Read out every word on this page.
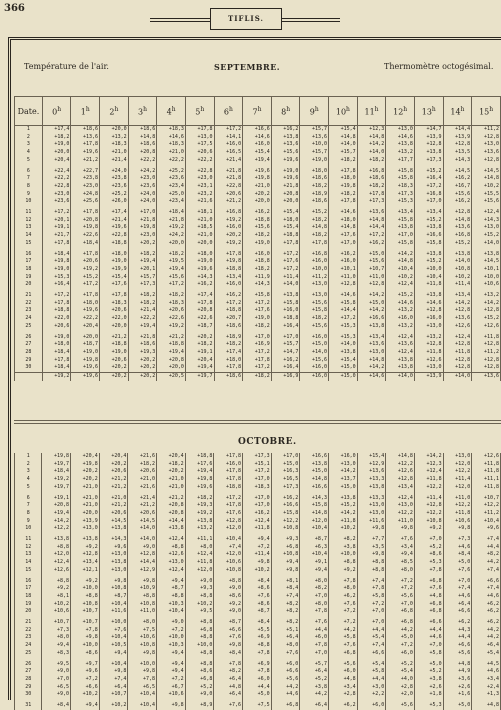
366
TIFLIS.
Température de l'air.	SEPTEMBRE.	Thermomètre octogésimal.
Date.	0$^h$	1$^h$	2$^h$	3$^h$	4$^h$	5$^h$	6$^h$	7$^h$	8$^h$	9$^h$	10$^h$	11$^h$	12$^h$	13$^h$	14$^h$	15$^h$
1	+17,4	+18,6	+20,0	+18,6	+18,3	+17,8	+17,2	+16,6	+16,2	+15,7	+15,4	+12,3	+13,0	+14,7	+14,4	+11,2
2	+18,2	+13,6	+13,2	+14,8	+14,6	+13,0	+14,1	+14,6	+13,8	+13,6	+14,8	+14,8	+14,6	+13,9	+13,9	+12,8
3	+19,0	+17,8	+18,3	+18,6	+18,3	+17,5	+16,0	+16,0	+13,6	+10,0	+14,0	+14,2	+13,8	+12,8	+12,8	+13,0
4	+20,0	+19,6	+21,0	+20,8	+21,0	+20,6	+16,5	+15,4	+15,6	+15,7	+15,7	+14,0	+13,2	+13,8	+13,5	+13,6
5	+20,4	+21,2	+21,4	+22,2	+22,2	+22,2	+21,4	+19,4	+19,6	+19,0	+18,2	+18,2	+17,7	+17,3	+14,3	+12,8
6	+22,4	+22,7	+24,0	+24,2	+25,2	+22,8	+21,8	+19,6	+19,0	+18,0	+17,8	+16,8	+15,8	+15,2	+14,5	+14,5
7	+22,2	+23,8	+23,8	+23,0	+23,6	+23,0	+21,8	+19,8	+19,6	+18,6	+18,0	+18,6	+15,8	+16,4	+16,2	+14,8
8	+22,8	+23,0	+23,6	+23,6	+23,4	+23,1	+22,8	+21,0	+21,8	+18,2	+19,8	+18,2	+18,3	+17,2	+16,7	+10,2
9	+23,0	+24,8	+25,2	+24,0	+25,0	+23,2	+20,6	+20,2	+20,8	+18,9	+18,2	+17,8	+17,3	+16,8	+15,6	+15,5
10	+23,6	+25,6	+26,0	+24,0	+23,4	+21,6	+21,2	+20,0	+20,0	+18,6	+17,8	+17,3	+15,3	+17,0	+16,2	+15,6
11	+17,2	+17,8	+17,4	+17,0	+18,4	+18,1	+16,8	+16,2	+15,4	+15,2	+14,6	+13,6	+13,4	+13,4	+12,8	+12,4
12	+20,1	+20,8	+21,4	+21,8	+21,8	+21,0	+19,2	+18,8	+18,0	+18,2	+18,0	+14,8	+15,8	+15,2	+14,8	+14,3
13	+19,1	+19,8	+19,6	+19,8	+19,2	+18,5	+16,0	+15,6	+15,4	+14,8	+14,8	+14,4	+13,8	+13,8	+13,6	+13,0
14	+21,7	+22,6	+22,8	+23,0	+24,2	+21,0	+20,2	+18,2	+18,8	+18,2	+17,6	+17,2	+17,0	+16,6	+16,8	+15,2
15	+17,8	+18,4	+18,8	+20,2	+20,0	+20,0	+19,2	+19,0	+17,8	+17,8	+17,0	+16,2	+15,8	+15,8	+15,2	+14,0
16	+18,4	+17,8	+18,0	+18,2	+18,2	+18,0	+17,8	+16,0	+17,2	+16,8	+16,2	+15,0	+14,2	+13,8	+13,8	+13,8
17	+19,8	+20,6	+19,0	+19,4	+19,5	+19,0	+19,8	+18,8	+17,6	+16,0	+16,0	+15,6	+14,8	+15,2	+14,0	+14,5
18	+19,0	+19,2	+19,9	+20,1	+19,4	+19,6	+18,8	+18,2	+17,2	+10,0	+10,1	+10,7	+10,4	+10,0	+10,8	+10,1
19	+15,3	+15,2	+15,4	+15,7	+15,6	+14,3	+13,4	+11,9	+11,4	+11,2	+11,0	+11,0	+10,2	+10,4	+10,2	+10,0
20	+16,4	+17,2	+17,6	+17,3	+17,2	+16,2	+16,0	+14,3	+14,0	+13,0	+12,8	+12,8	+12,4	+11,8	+11,4	+10,6
21	+17,2	+17,8	+17,8	+18,2	+18,2	+17,4	+16,2	+15,8	+13,8	+13,0	+14,6	+14,2	+15,2	+13,8	+13,4	+13,2
22	+17,8	+18,0	+18,3	+18,2	+18,3	+17,8	+17,2	+17,2	+15,8	+15,6	+15,8	+15,0	+14,6	+14,6	+14,2	+14,2
23	+18,8	+19,6	+20,6	+21,4	+20,6	+20,8	+18,8	+17,6	+16,0	+15,8	+14,4	+14,2	+13,2	+12,8	+12,8	+12,8
24	+22,0	+22,2	+22,0	+22,2	+22,6	+22,6	+20,7	+19,0	+18,8	+18,2	+17,2	+16,6	+16,0	+16,0	+13,6	+15,2
25	+20,6	+20,4	+20,0	+19,4	+19,2	+18,7	+18,6	+18,2	+16,4	+15,6	+15,3	+13,8	+13,2	+13,0	+12,6	+12,6
26	+19,0	+20,0	+21,2	+21,8	+21,2	+20,2	+18,9	+17,0	+17,0	+16,0	+15,3	+13,4	+12,4	+13,2	+12,4	+11,8
27	+18,0	+18,7	+18,8	+18,6	+18,8	+18,2	+18,2	+16,9	+15,7	+15,0	+14,0	+13,6	+13,6	+12,8	+12,8	+12,8
28	+18,4	+19,0	+19,0	+19,3	+19,4	+19,1	+17,4	+17,2	+14,7	+14,0	+13,8	+13,0	+12,4	+11,8	+11,8	+11,2
29	+17,8	+19,8	+20,6	+20,2	+20,8	+20,4	+18,0	+17,8	+16,2	+15,6	+15,4	+14,8	+13,8	+12,6	+12,8	+12,8
30	+18,4	+19,6	+20,2	+20,2	+20,0	+19,4	+17,8	+17,2	+16,4	+16,0	+15,0	+14,2	+13,8	+13,0	+12,8	+12,8
	+19,2	+19,6	+20,2	+20,2	+20,5	+19,7	+18,6	+18,2	+16,9	+16,0	+15,0	+14,6	+14,0	+13,9	+14,0	+13,6
OCTOBRE.
1	+19,8	+20,4	+20,4	+21,6	+20,4	+18,8	+17,8	+17,3	+17,0	+16,6	+16,0	+15,4	+14,8	+14,2	+13,0	+12,6
2	+19,7	+19,8	+20,2	+18,2	+18,2	+17,6	+16,0	+15,1	+15,0	+13,8	+13,0	+12,9	+12,2	+12,3	+12,0	+11,8
3	+18,4	+20,2	+20,6	+20,6	+20,2	+19,4	+17,8	+17,2	+16,3	+15,0	+14,2	+13,6	+12,6	+12,4	+12,2	+11,8
4	+19,2	+20,2	+21,2	+21,0	+21,0	+19,8	+17,8	+17,0	+16,5	+14,8	+13,7	+13,3	+12,8	+11,8	+11,4	+11,1
5	+19,7	+21,0	+21,2	+21,6	+21,0	+19,6	+18,8	+18,3	+17,3	+16,6	+15,0	+13,8	+13,4	+12,2	+12,0	+11,8
6	+19,1	+21,0	+21,0	+21,4	+21,2	+18,2	+17,2	+17,0	+16,2	+14,3	+13,8	+13,3	+12,4	+11,4	+11,0	+10,7
7	+20,8	+21,0	+21,2	+21,2	+20,8	+19,3	+17,8	+17,0	+16,6	+15,8	+15,2	+13,0	+13,0	+12,8	+12,2	+12,2
8	+19,4	+20,0	+20,6	+20,6	+20,8	+19,2	+17,6	+16,2	+15,8	+14,8	+14,2	+13,0	+12,2	+12,2	+11,8	+11,2
9	+14,2	+13,9	+14,5	+14,5	+14,4	+13,8	+12,8	+12,4	+12,2	+12,0	+11,8	+11,6	+11,0	+10,8	+10,6	+10,4
10	+12,2	+13,0	+13,8	+14,0	+13,8	+13,2	+12,0	+11,8	+10,8	+10,4	+10,2	+9,8	+9,8	+9,2	+9,8	+9,6
11	+13,8	+13,8	+14,3	+14,0	+12,4	+11,1	+10,4	+9,4	+9,3	+8,7	+8,2	+7,7	+7,6	+7,0	+7,3	+7,4
12	+8,8	+9,2	+9,6	+9,0	+8,8	+8,0	+7,4	+7,2	+6,8	+6,3	+3,8	+3,5	+3,4	+5,2	+4,6	+4,4
13	+12,0	+12,8	+13,0	+12,8	+12,6	+12,4	+12,0	+11,4	+10,8	+10,4	+10,0	+9,8	+9,4	+8,6	+8,4	+8,2
14	+12,4	+13,4	+13,8	+14,4	+13,0	+11,8	+10,6	+9,8	+9,4	+9,1	+8,8	+8,8	+8,5	+5,3	+5,0	+4,2
15	+12,6	+12,1	+13,0	+12,9	+12,4	+12,0	+10,8	+10,2	+9,8	+9,4	+9,2	+8,8	+8,0	+7,8	+7,6	+7,4
16	+8,8	+9,2	+9,8	+9,8	+9,4	+9,0	+8,8	+8,4	+8,1	+8,0	+7,8	+7,4	+7,2	+6,8	+7,0	+6,6
17	+9,2	+10,0	+10,8	+10,9	+8,7	+9,3	+9,0	+8,6	+8,4	+8,2	+8,0	+7,8	+7,2	+7,6	+7,4	+7,4
18	+8,1	+8,8	+8,7	+8,8	+8,8	+8,8	+8,6	+7,6	+7,4	+7,0	+6,2	+5,8	+5,6	+4,8	+4,6	+4,6
19	+10,2	+10,8	+10,4	+10,8	+10,3	+10,2	+9,2	+8,6	+8,2	+8,0	+7,6	+7,2	+7,0	+6,8	+6,4	+6,2
20	+10,6	+10,7	+11,6	+11,0	+10,4	+9,5	+9,0	+8,7	+8,2	+7,8	+7,2	+7,0	+6,8	+6,8	+6,6	+6,2
21	+10,7	+10,7	+10,0	+8,0	+9,0	+8,8	+8,7	+8,4	+8,2	+7,6	+7,2	+7,0	+6,8	+6,6	+6,2	+6,2
22	+7,3	+7,8	+7,6	+7,5	+7,2	+6,8	+6,6	+5,5	+5,1	+4,4	+4,2	+4,4	+4,2	+4,4	+4,3	+4,2
23	+8,0	+9,8	+10,4	+10,6	+10,0	+8,8	+7,6	+6,9	+6,4	+6,0	+5,8	+5,4	+5,0	+4,6	+4,4	+4,2
24	+9,4	+10,0	+10,5	+10,8	+10,3	+10,0	+9,8	+8,8	+8,0	+7,8	+7,6	+7,4	+7,2	+7,0	+6,6	+6,4
25	+8,3	+8,6	+9,4	+9,8	+9,4	+8,8	+8,4	+7,8	+7,6	+7,0	+6,8	+6,6	+6,0	+5,8	+5,6	+5,4
26	+9,5	+9,7	+10,4	+10,0	+9,4	+8,8	+7,8	+6,9	+6,0	+5,7	+5,6	+5,4	+5,2	+5,0	+4,8	+4,5
27	+9,0	+9,6	+9,8	+9,8	+9,4	+8,6	+8,2	+7,8	+6,6	+6,4	+6,0	+5,8	+5,4	+5,2	+4,9	+4,6
28	+7,0	+7,2	+7,4	+7,8	+7,2	+6,8	+6,4	+6,0	+5,6	+5,2	+4,8	+4,4	+4,0	+3,8	+3,6	+3,4
29	+6,5	+6,6	+6,4	+6,5	+6,7	+5,2	+4,8	+4,4	+4,2	+3,8	+3,4	+3,0	+2,8	+2,6	+2,6	+2,4
30	+9,0	+10,2	+10,7	+10,4	+10,6	+9,0	+6,4	+5,0	+4,6	+4,2	+2,8	+2,2	+2,0	+1,8	+1,6	+1,3
31	+8,4	+9,4	+10,2	+10,4	+9,8	+8,9	+7,6	+7,5	+6,8	+6,4	+6,2	+6,0	+5,6	+5,3	+5,0	+4,8
